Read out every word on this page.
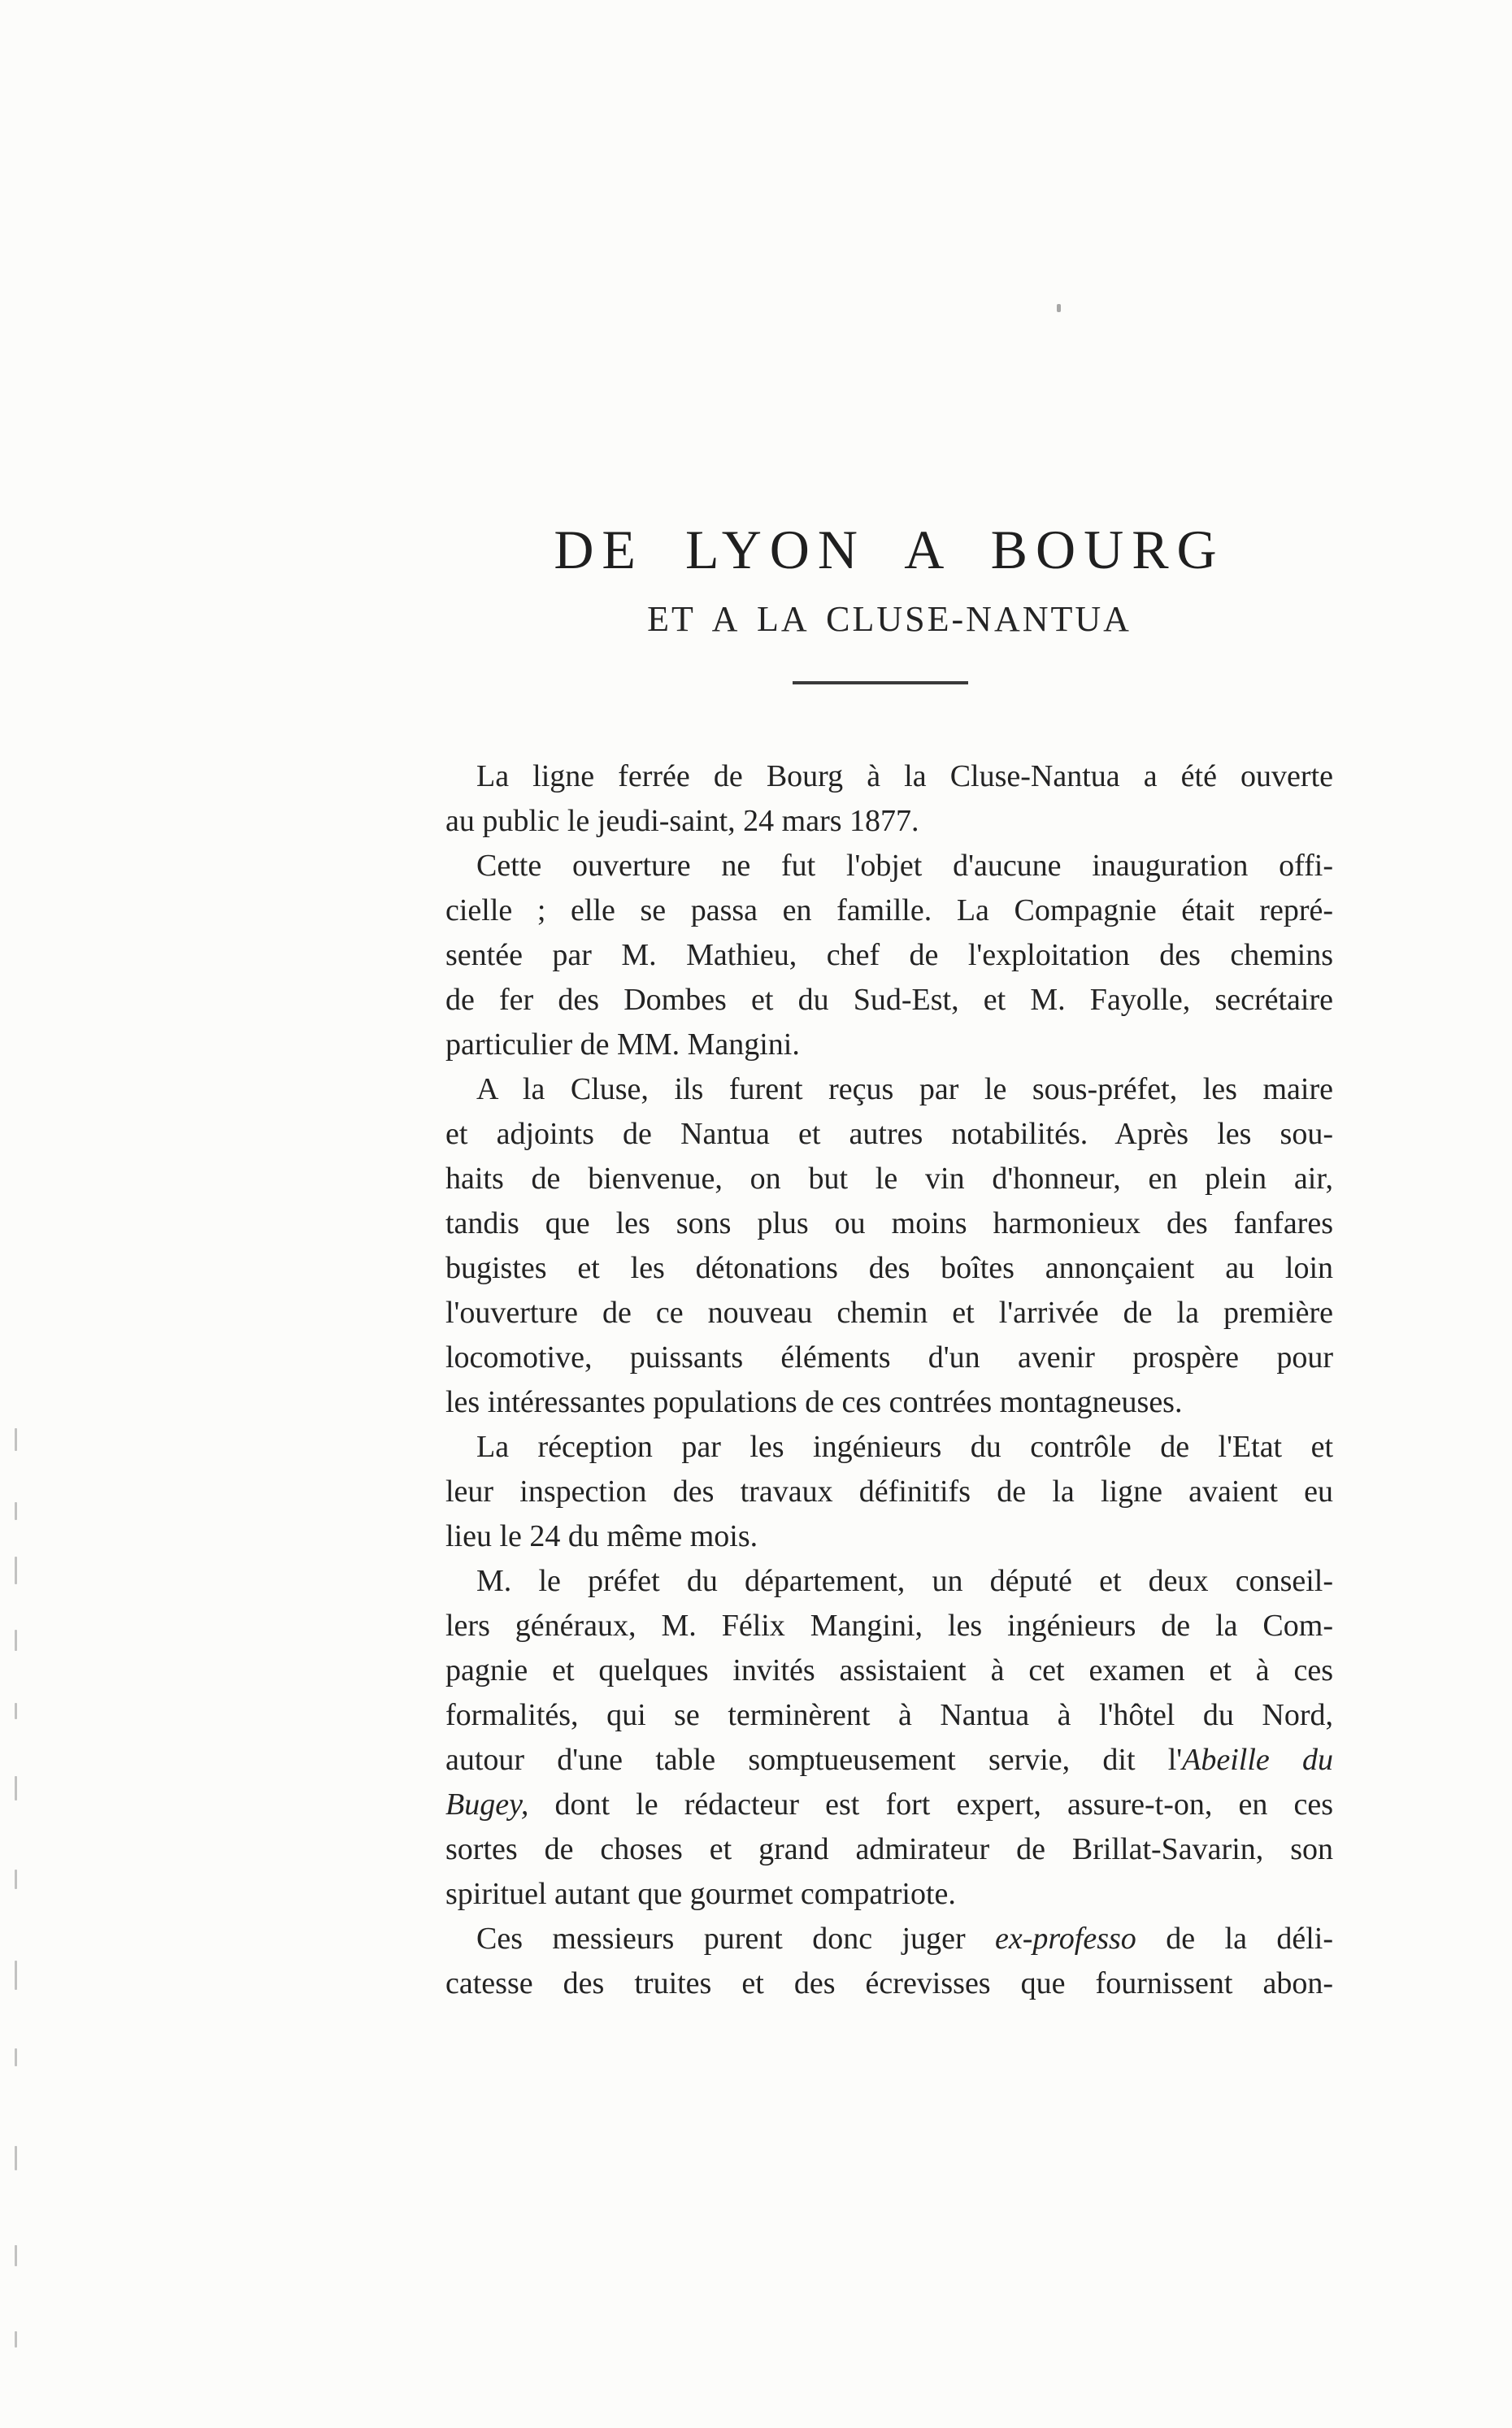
DE LYON A BOURG
ET A LA CLUSE-NANTUA
La ligne ferrée de Bourg à la Cluse-Nantua a été ouverte
au public le jeudi-saint, 24 mars 1877.
Cette ouverture ne fut l'objet d'aucune inauguration offi-
cielle ; elle se passa en famille. La Compagnie était repré-
sentée par M. Mathieu, chef de l'exploitation des chemins
de fer des Dombes et du Sud-Est, et M. Fayolle, secrétaire
particulier de MM. Mangini.
A la Cluse, ils furent reçus par le sous-préfet, les maire
et adjoints de Nantua et autres notabilités. Après les sou-
haits de bienvenue, on but le vin d'honneur, en plein air,
tandis que les sons plus ou moins harmonieux des fanfares
bugistes et les détonations des boîtes annonçaient au loin
l'ouverture de ce nouveau chemin et l'arrivée de la première
locomotive, puissants éléments d'un avenir prospère pour
les intéressantes populations de ces contrées montagneuses.
La réception par les ingénieurs du contrôle de l'Etat et
leur inspection des travaux définitifs de la ligne avaient eu
lieu le 24 du même mois.
M. le préfet du département, un député et deux conseil-
lers généraux, M. Félix Mangini, les ingénieurs de la Com-
pagnie et quelques invités assistaient à cet examen et à ces
formalités, qui se terminèrent à Nantua à l'hôtel du Nord,
autour d'une table somptueusement servie, dit l'Abeille du
Bugey, dont le rédacteur est fort expert, assure-t-on, en ces
sortes de choses et grand admirateur de Brillat-Savarin, son
spirituel autant que gourmet compatriote.
Ces messieurs purent donc juger ex-professo de la déli-
catesse des truites et des écrevisses que fournissent abon-
